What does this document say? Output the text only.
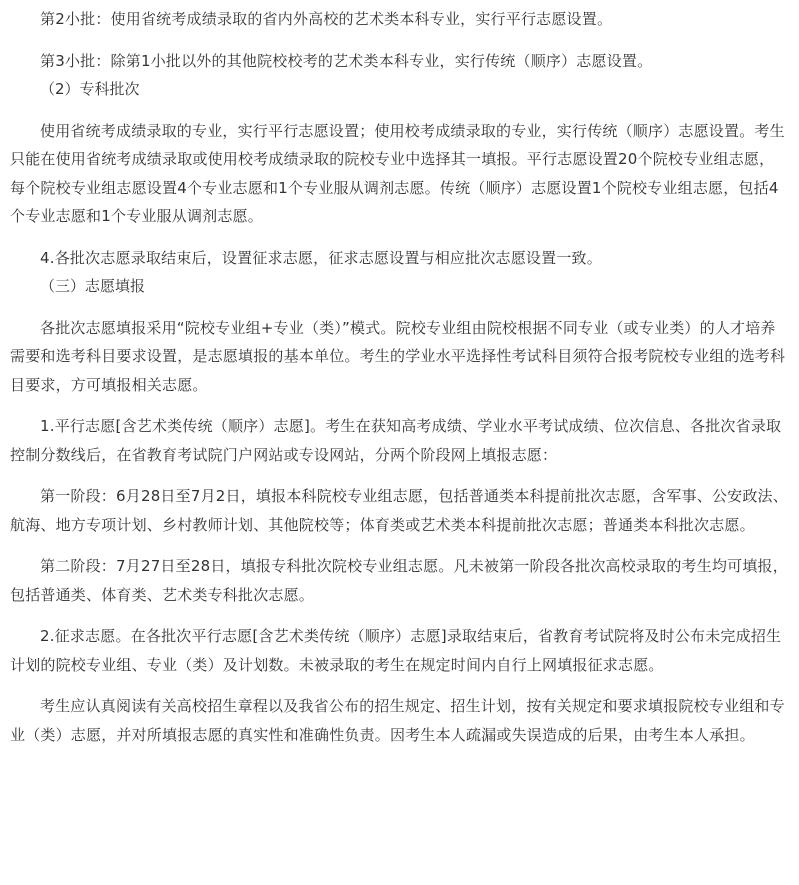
第2小批：使用省统考成绩录取的省内外高校的艺术类本科专业，实行平行志愿设置。

第3小批：除第1小批以外的其他院校校考的艺术类本科专业，实行传统（顺序）志愿设置。

（2）专科批次

使用省统考成绩录取的专业，实行平行志愿设置；使用校考成绩录取的专业，实行传统（顺序）志愿设置。考生只能在使用省统考成绩录取或使用校考成绩录取的院校专业中选择其一填报。平行志愿设置20个院校专业组志愿，每个院校专业组志愿设置4个专业志愿和1个专业服从调剂志愿。传统（顺序）志愿设置1个院校专业组志愿，包括4个专业志愿和1个专业服从调剂志愿。

4.各批次志愿录取结束后，设置征求志愿，征求志愿设置与相应批次志愿设置一致。

（三）志愿填报

各批次志愿填报采用“院校专业组+专业（类）”模式。院校专业组由院校根据不同专业（或专业类）的人才培养需要和选考科目要求设置，是志愿填报的基本单位。考生的学业水平选择性考试科目须符合报考院校专业组的选考科目要求，方可填报相关志愿。

1.平行志愿[含艺术类传统（顺序）志愿]。考生在获知高考成绩、学业水平考试成绩、位次信息、各批次省录取控制分数线后，在省教育考试院门户网站或专设网站，分两个阶段网上填报志愿：

第一阶段：6月28日至7月2日，填报本科院校专业组志愿，包括普通类本科提前批次志愿，含军事、公安政法、航海、地方专项计划、乡村教师计划、其他院校等；体育类或艺术类本科提前批次志愿；普通类本科批次志愿。

第二阶段：7月27日至28日，填报专科批次院校专业组志愿。凡未被第一阶段各批次高校录取的考生均可填报，包括普通类、体育类、艺术类专科批次志愿。

2.征求志愿。在各批次平行志愿[含艺术类传统（顺序）志愿]录取结束后，省教育考试院将及时公布未完成招生计划的院校专业组、专业（类）及计划数。未被录取的考生在规定时间内自行上网填报征求志愿。

考生应认真阅读有关高校招生章程以及我省公布的招生规定、招生计划，按有关规定和要求填报院校专业组和专业（类）志愿，并对所填报志愿的真实性和准确性负责。因考生本人疏漏或失误造成的后果，由考生本人承担。
